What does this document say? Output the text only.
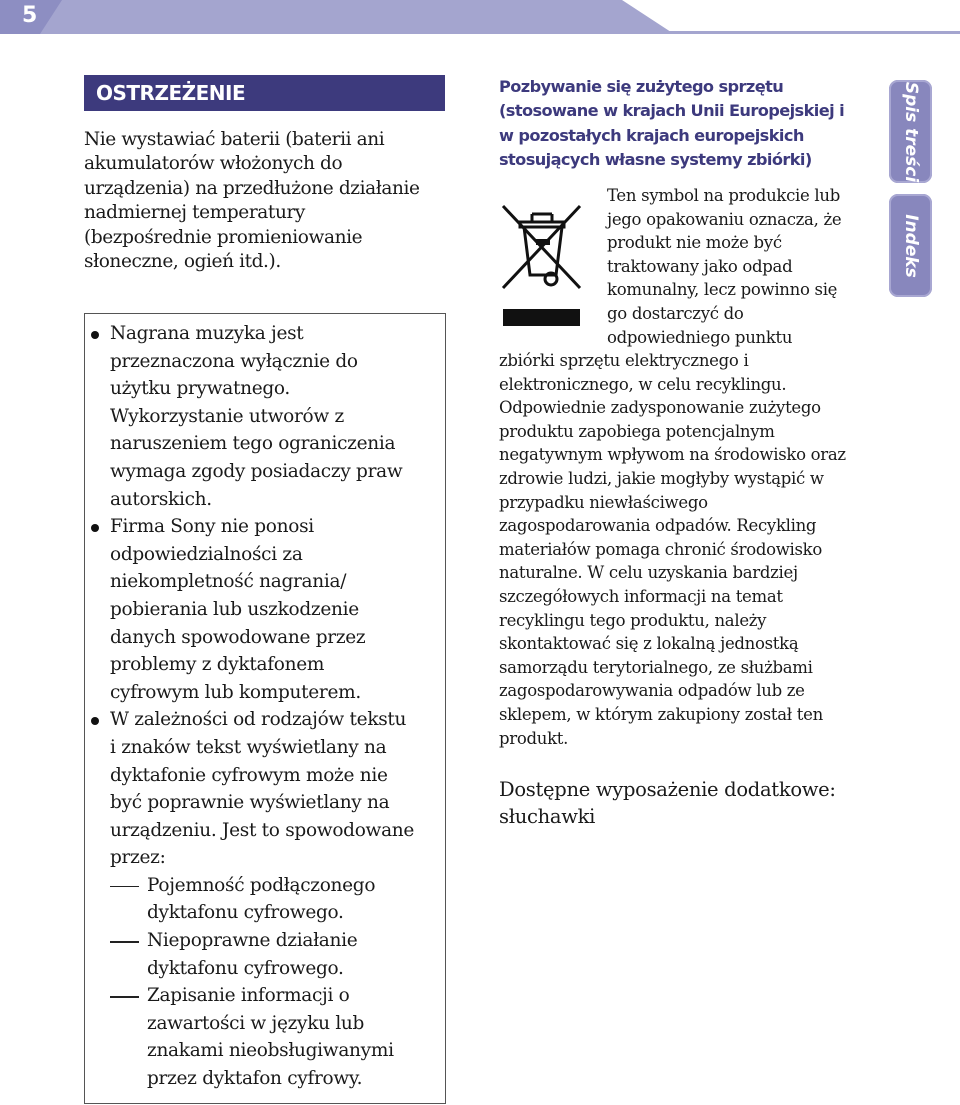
5
OSTRZEŻENIE
Nie wystawiać baterii (baterii ani
akumulatorów włożonych do
urządzenia) na przedłużone działanie
nadmiernej temperatury
(bezpośrednie promieniowanie
słoneczne, ogień itd.).
Nagrana muzyka jest
przeznaczona wyłącznie do
użytku prywatnego.
Wykorzystanie utworów z
naruszeniem tego ograniczenia
wymaga zgody posiadaczy praw
autorskich.
Firma Sony nie ponosi
odpowiedzialności za
niekompletność nagrania/
pobierania lub uszkodzenie
danych spowodowane przez
problemy z dyktafonem
cyfrowym lub komputerem.
W zależności od rodzajów tekstu
i znaków tekst wyświetlany na
dyktafonie cyfrowym może nie
być poprawnie wyświetlany na
urządzeniu. Jest to spowodowane
przez:
Pojemność podłączonego
dyktafonu cyfrowego.
Niepoprawne działanie
dyktafonu cyfrowego.
Zapisanie informacji o
zawartości w języku lub
znakami nieobsługiwanymi
przez dyktafon cyfrowy.
Pozbywanie się zużytego sprzętu
(stosowane w krajach Unii Europejskiej i
w pozostałych krajach europejskich
stosujących własne systemy zbiórki)
Ten symbol na produkcie lub
jego opakowaniu oznacza, że
produkt nie może być
traktowany jako odpad
komunalny, lecz powinno się
go dostarczyć do
odpowiedniego punktu
zbiórki sprzętu elektrycznego i
elektronicznego, w celu recyklingu.
Odpowiednie zadysponowanie zużytego
produktu zapobiega potencjalnym
negatywnym wpływom na środowisko oraz
zdrowie ludzi, jakie mogłyby wystąpić w
przypadku niewłaściwego
zagospodarowania odpadów. Recykling
materiałów pomaga chronić środowisko
naturalne. W celu uzyskania bardziej
szczegółowych informacji na temat
recyklingu tego produktu, należy
skontaktować się z lokalną jednostką
samorządu terytorialnego, ze służbami
zagospodarowywania odpadów lub ze
sklepem, w którym zakupiony został ten
produkt.
Dostępne wyposażenie dodatkowe:
słuchawki
Spis treści
Indeks
